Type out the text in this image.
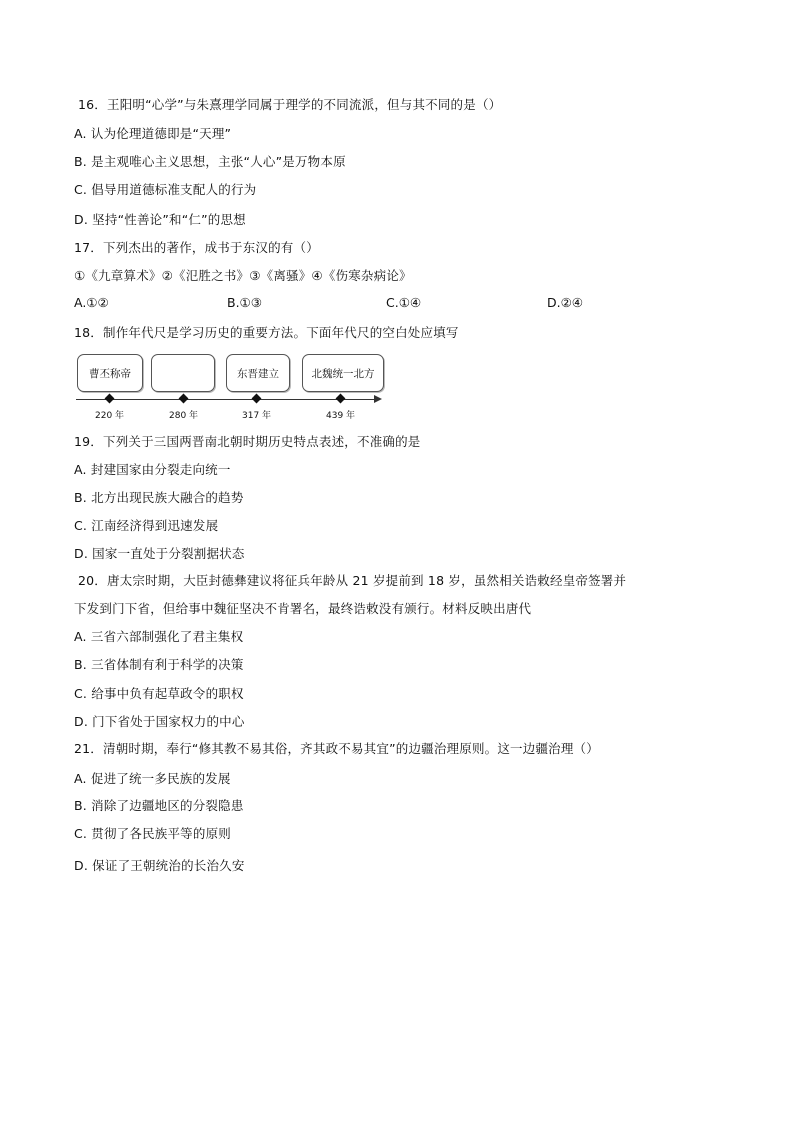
16．王阳明“心学”与朱熹理学同属于理学的不同流派，但与其不同的是（）
A. 认为伦理道德即是“天理”
B. 是主观唯心主义思想，主张“人心”是万物本原
C. 倡导用道德标准支配人的行为
D. 坚持“性善论”和“仁”的思想
17．下列杰出的著作，成书于东汉的有（）
①《九章算术》②《氾胜之书》③《离骚》④《伤寒杂病论》
A.①②	B.①③	C.①④	D.②④
18．制作年代尺是学习历史的重要方法。下面年代尺的空白处应填写
曹丕称帝	东晋建立	北魏统一北方
220 年	280 年	317 年	439 年
19．下列关于三国两晋南北朝时期历史特点表述，不准确的是
A. 封建国家由分裂走向统一
B. 北方出现民族大融合的趋势
C. 江南经济得到迅速发展
D. 国家一直处于分裂割据状态
20．唐太宗时期，大臣封德彝建议将征兵年龄从 21 岁提前到 18 岁，虽然相关诰敕经皇帝签署并
下发到门下省，但给事中魏征坚决不肯署名，最终诰敕没有颁行。材料反映出唐代
A. 三省六部制强化了君主集权
B. 三省体制有利于科学的决策
C. 给事中负有起草政令的职权
D. 门下省处于国家权力的中心
21．清朝时期，奉行“修其教不易其俗，齐其政不易其宜”的边疆治理原则。这一边疆治理（）
A. 促进了统一多民族的发展
B. 消除了边疆地区的分裂隐患
C. 贯彻了各民族平等的原则
D. 保证了王朝统治的长治久安
